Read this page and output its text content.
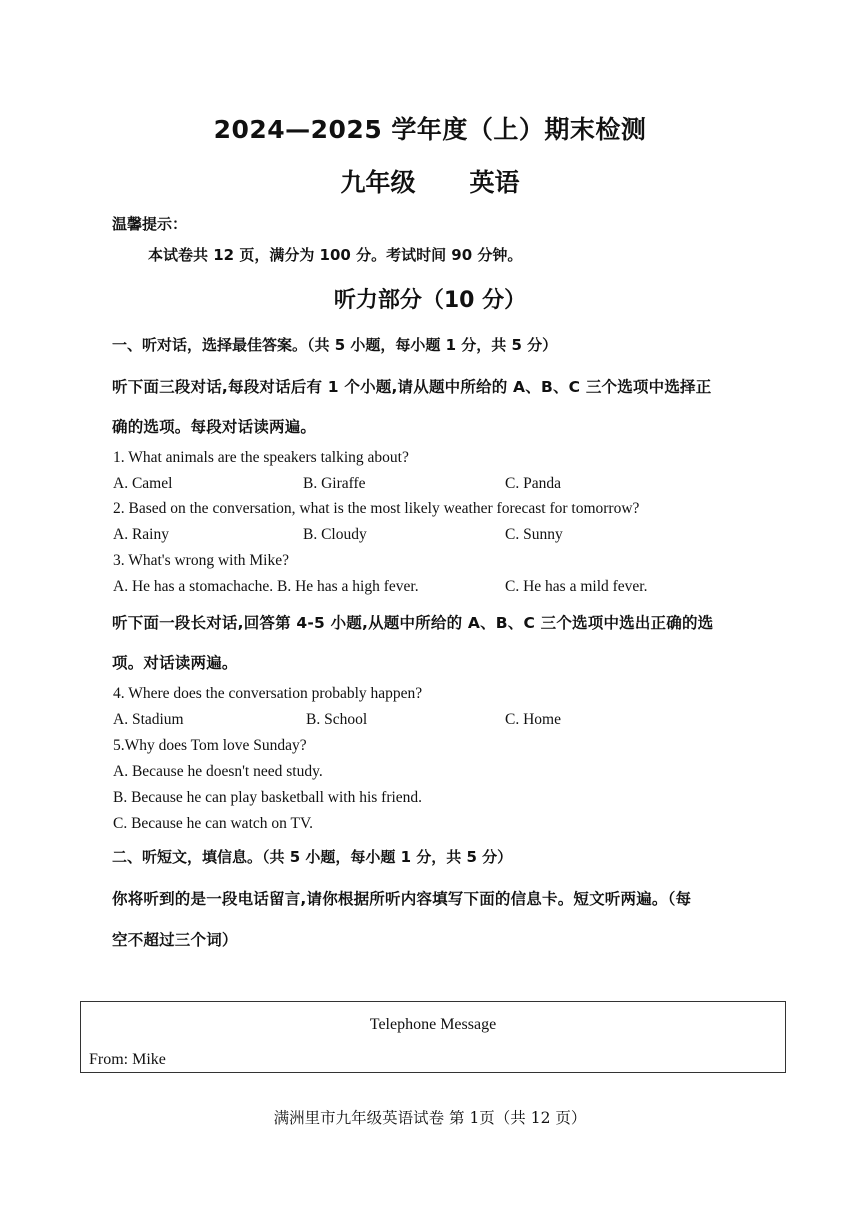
2024—2025 学年度（上）期末检测
九年级 英语
温馨提示：
本试卷共 12 页，满分为 100 分。考试时间 90 分钟。
听力部分（10 分）
一、听对话，选择最佳答案。（共 5 小题，每小题 1 分，共 5 分）
听下面三段对话,每段对话后有 1 个小题,请从题中所给的 A、B、C 三个选项中选择正
确的选项。每段对话读两遍。
1. What animals are the speakers talking about?
A. Camel	B. Giraffe	C. Panda
2. Based on the conversation, what is the most likely weather forecast for tomorrow?
A. Rainy	B. Cloudy	C. Sunny
3. What's wrong with Mike?
A. He has a stomachache. B. He has a high fever.	C. He has a mild fever.
听下面一段长对话,回答第 4-5 小题,从题中所给的 A、B、C 三个选项中选出正确的选
项。对话读两遍。
4. Where does the conversation probably happen?
A. Stadium	B. School	C. Home
5.Why does Tom love Sunday?
A. Because he doesn't need study.
B. Because he can play basketball with his friend.
C. Because he can watch on TV.
二、听短文，填信息。（共 5 小题，每小题 1 分，共 5 分）
你将听到的是一段电话留言,请你根据所听内容填写下面的信息卡。短文听两遍。（每
空不超过三个词）
Telephone Message
From: Mike
满洲里市九年级英语试卷 第 1页（共 12 页）
